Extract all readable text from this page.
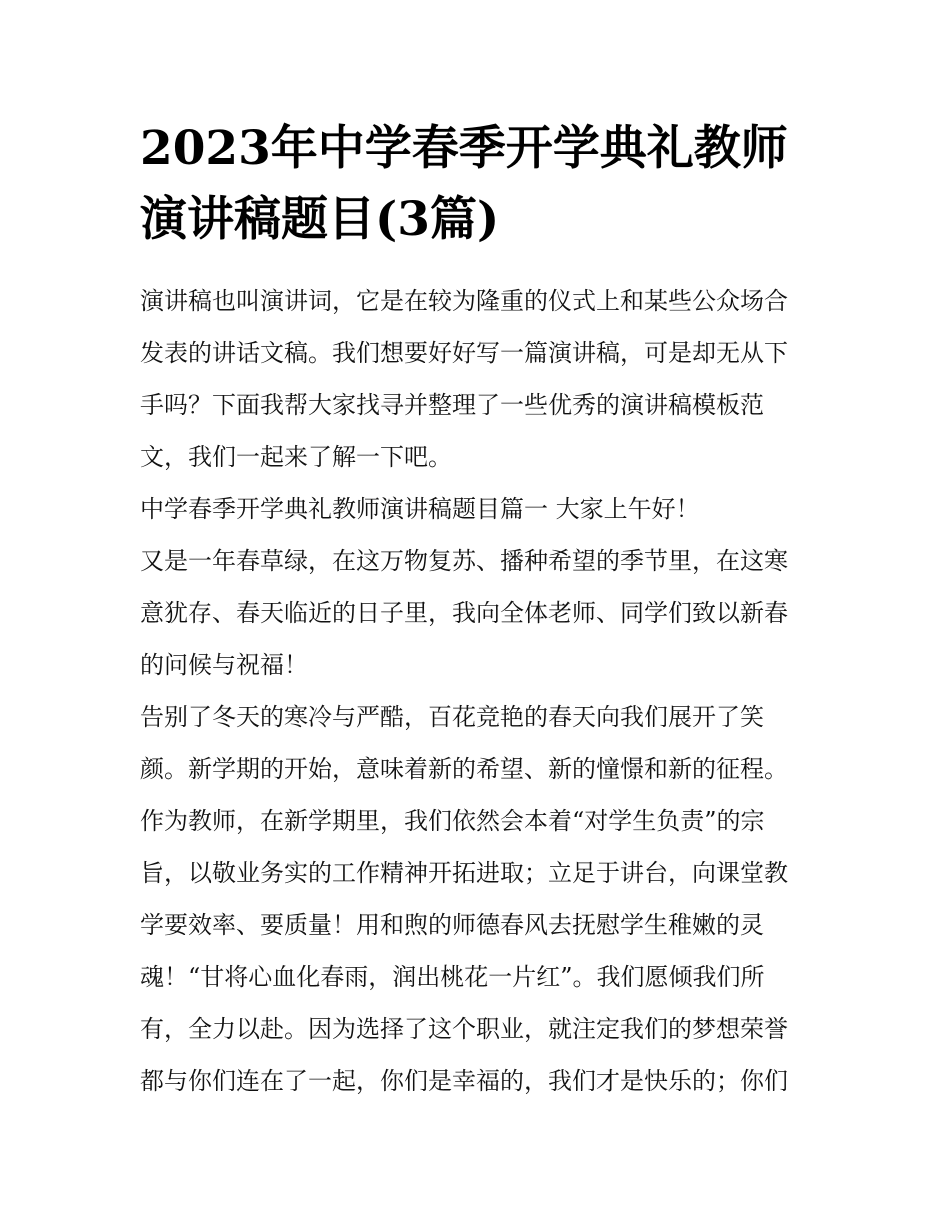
2023年中学春季开学典礼教师
演讲稿题目(3篇)
演讲稿也叫演讲词，它是在较为隆重的仪式上和某些公众场合
发表的讲话文稿。我们想要好好写一篇演讲稿，可是却无从下
手吗？下面我帮大家找寻并整理了一些优秀的演讲稿模板范
文，我们一起来了解一下吧。
中学春季开学典礼教师演讲稿题目篇一 大家上午好！
又是一年春草绿，在这万物复苏、播种希望的季节里，在这寒
意犹存、春天临近的日子里，我向全体老师、同学们致以新春
的问候与祝福！
告别了冬天的寒冷与严酷，百花竞艳的春天向我们展开了笑
颜。新学期的开始，意味着新的希望、新的憧憬和新的征程。
作为教师，在新学期里，我们依然会本着“对学生负责”的宗
旨，以敬业务实的工作精神开拓进取；立足于讲台，向课堂教
学要效率、要质量！用和煦的师德春风去抚慰学生稚嫩的灵
魂！“甘将心血化春雨，润出桃花一片红”。我们愿倾我们所
有，全力以赴。因为选择了这个职业，就注定我们的梦想荣誉
都与你们连在了一起，你们是幸福的，我们才是快乐的；你们
